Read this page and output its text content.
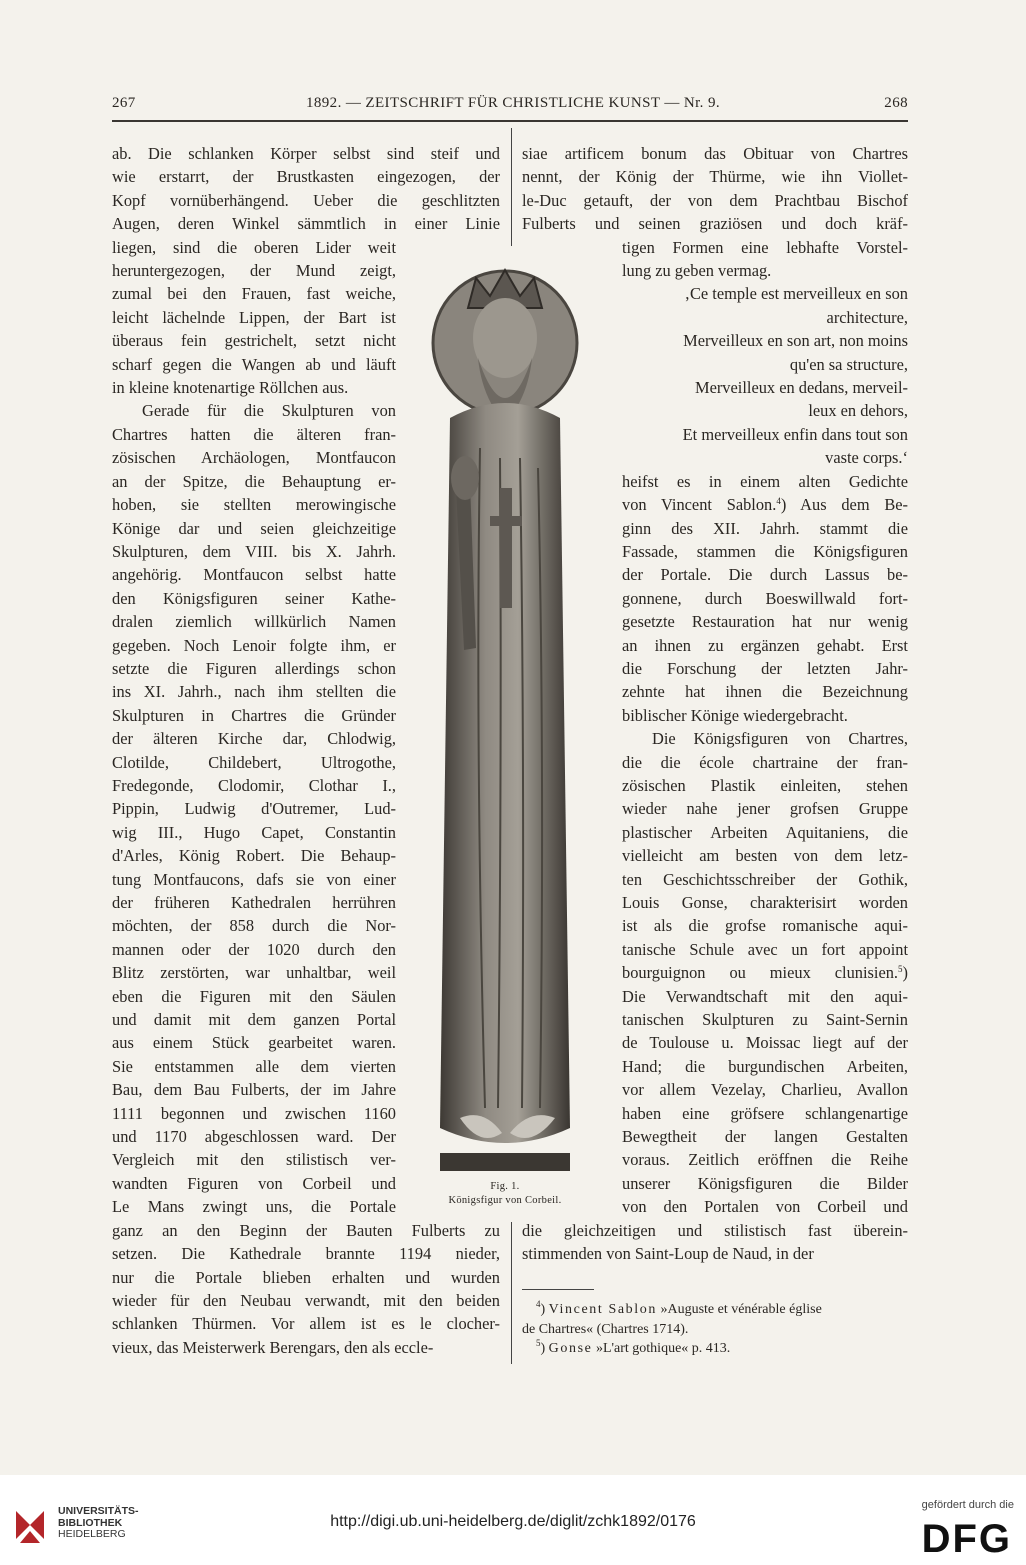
267	1892. — ZEITSCHRIFT FÜR CHRISTLICHE KUNST — Nr. 9.	268
ab. Die schlanken Körper selbst sind steif und
wie erstarrt, der Brustkasten eingezogen, der
Kopf vornüberhängend. Ueber die geschlitzten
Augen, deren Winkel sämmtlich in einer Linie
liegen, sind die oberen Lider weit
heruntergezogen, der Mund zeigt,
zumal bei den Frauen, fast weiche,
leicht lächelnde Lippen, der Bart ist
überaus fein gestrichelt, setzt nicht
scharf gegen die Wangen ab und läuft
in kleine knotenartige Röllchen aus.
Gerade für die Skulpturen von
Chartres hatten die älteren fran-
zösischen Archäologen, Montfaucon
an der Spitze, die Behauptung er-
hoben, sie stellten merowingische
Könige dar und seien gleichzeitige
Skulpturen, dem VIII. bis X. Jahrh.
angehörig. Montfaucon selbst hatte
den Königsfiguren seiner Kathe-
dralen ziemlich willkürlich Namen
gegeben. Noch Lenoir folgte ihm, er
setzte die Figuren allerdings schon
ins XI. Jahrh., nach ihm stellten die
Skulpturen in Chartres die Gründer
der älteren Kirche dar, Chlodwig,
Clotilde, Childebert, Ultrogothe,
Fredegonde, Clodomir, Clothar I.,
Pippin, Ludwig d'Outremer, Lud-
wig III., Hugo Capet, Constantin
d'Arles, König Robert. Die Behaup-
tung Montfaucons, dafs sie von einer
der früheren Kathedralen herrühren
möchten, der 858 durch die Nor-
mannen oder der 1020 durch den
Blitz zerstörten, war unhaltbar, weil
eben die Figuren mit den Säulen
und damit mit dem ganzen Portal
aus einem Stück gearbeitet waren.
Sie entstammen alle dem vierten
Bau, dem Bau Fulberts, der im Jahre
1111 begonnen und zwischen 1160
und 1170 abgeschlossen ward. Der
Vergleich mit den stilistisch ver-
wandten Figuren von Corbeil und
Le Mans zwingt uns, die Portale
ganz an den Beginn der Bauten Fulberts zu
setzen. Die Kathedrale brannte 1194 nieder,
nur die Portale blieben erhalten und wurden
wieder für den Neubau verwandt, mit den beiden
schlanken Thürmen. Vor allem ist es le clocher-
vieux, das Meisterwerk Berengars, den als eccle-
siae artificem bonum das Obituar von Chartres
nennt, der König der Thürme, wie ihn Viollet-
le-Duc getauft, der von dem Prachtbau Bischof
Fulberts und seinen graziösen und doch kräf-
tigen Formen eine lebhafte Vorstel-
lung zu geben vermag.
‚Ce temple est merveilleux en son
architecture,
Merveilleux en son art, non moins
qu'en sa structure,
Merveilleux en dedans, merveil-
leux en dehors,
Et merveilleux enfin dans tout son
vaste corps.‘
heifst es in einem alten Gedichte
von Vincent Sablon.$^4$) Aus dem Be-
ginn des XII. Jahrh. stammt die
Fassade, stammen die Königsfiguren
der Portale. Die durch Lassus be-
gonnene, durch Boeswillwald fort-
gesetzte Restauration hat nur wenig
an ihnen zu ergänzen gehabt. Erst
die Forschung der letzten Jahr-
zehnte hat ihnen die Bezeichnung
biblischer Könige wiedergebracht.
Die Königsfiguren von Chartres,
die die école chartraine der fran-
zösischen Plastik einleiten, stehen
wieder nahe jener grofsen Gruppe
plastischer Arbeiten Aquitaniens, die
vielleicht am besten von dem letz-
ten Geschichtsschreiber der Gothik,
Louis Gonse, charakterisirt worden
ist als die grofse romanische aqui-
tanische Schule avec un fort appoint
bourguignon ou mieux clunisien.$^5$)
Die Verwandtschaft mit den aqui-
tanischen Skulpturen zu Saint-Sernin
de Toulouse u. Moissac liegt auf der
Hand; die burgundischen Arbeiten,
vor allem Vezelay, Charlieu, Avallon
haben eine gröfsere schlangenartige
Bewegtheit der langen Gestalten
voraus. Zeitlich eröffnen die Reihe
unserer Königsfiguren die Bilder
von den Portalen von Corbeil und
die gleichzeitigen und stilistisch fast überein-
stimmenden von Saint-Loup de Naud, in der
Fig. 1.
Königsfigur von Corbeil.
$^4$) Vincent Sablon »Auguste et vénérable église
de Chartres« (Chartres 1714).
$^5$) Gonse »L'art gothique« p. 413.
UNIVERSITÄTS-
BIBLIOTHEK
HEIDELBERG
http://digi.ub.uni-heidelberg.de/diglit/zchk1892/0176
gefördert durch die
DFG
